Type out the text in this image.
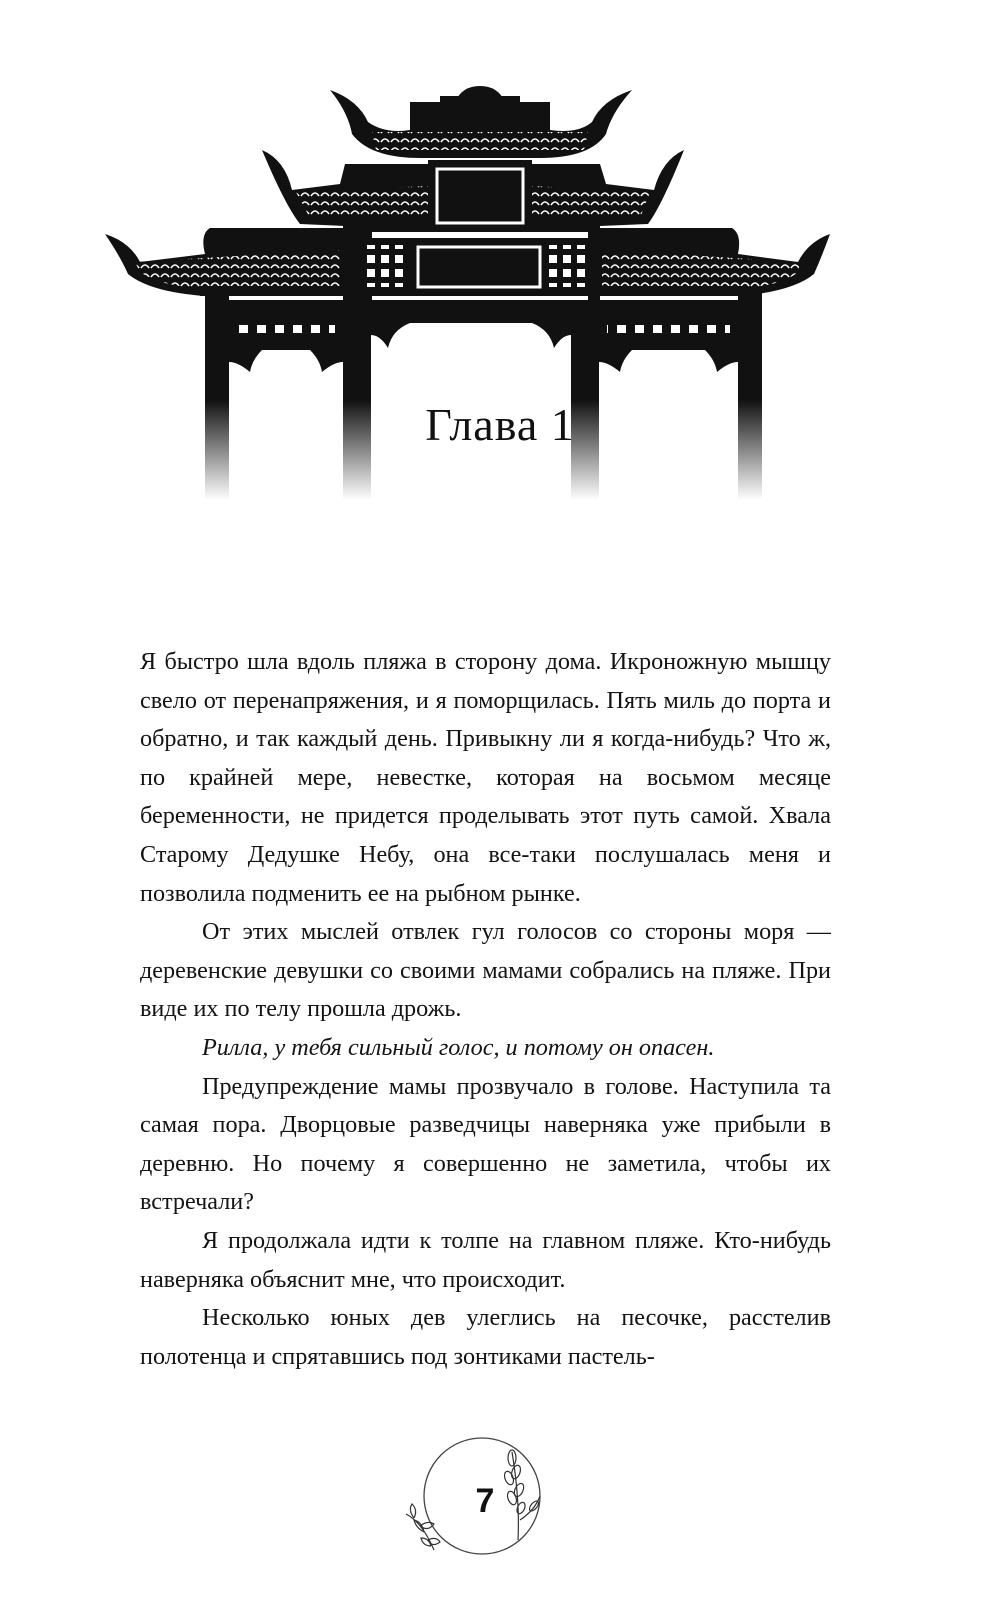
Глава 1

Я быстро шла вдоль пляжа в сторону дома. Икроножную мышцу свело от перенапряжения, и я поморщилась. Пять миль до порта и обратно, и так каждый день. Привыкну ли я когда-нибудь? Что ж, по крайней мере, невестке, которая на восьмом месяце беременности, не придется проделывать этот путь самой. Хвала Старому Дедушке Небу, она все-таки послушалась меня и позволила подменить ее на рыбном рынке.

От этих мыслей отвлек гул голосов со стороны моря — деревенские девушки со своими мамами собрались на пляже. При виде их по телу прошла дрожь.

Рилла, у тебя сильный голос, и потому он опасен.

Предупреждение мамы прозвучало в голове. Наступила та самая пора. Дворцовые разведчицы наверняка уже прибыли в деревню. Но почему я совершенно не заметила, чтобы их встречали?

Я продолжала идти к толпе на главном пляже. Кто-нибудь наверняка объяснит мне, что происходит.

Несколько юных дев улеглись на песочке, расстелив полотенца и спрятавшись под зонтиками пастель-

7
